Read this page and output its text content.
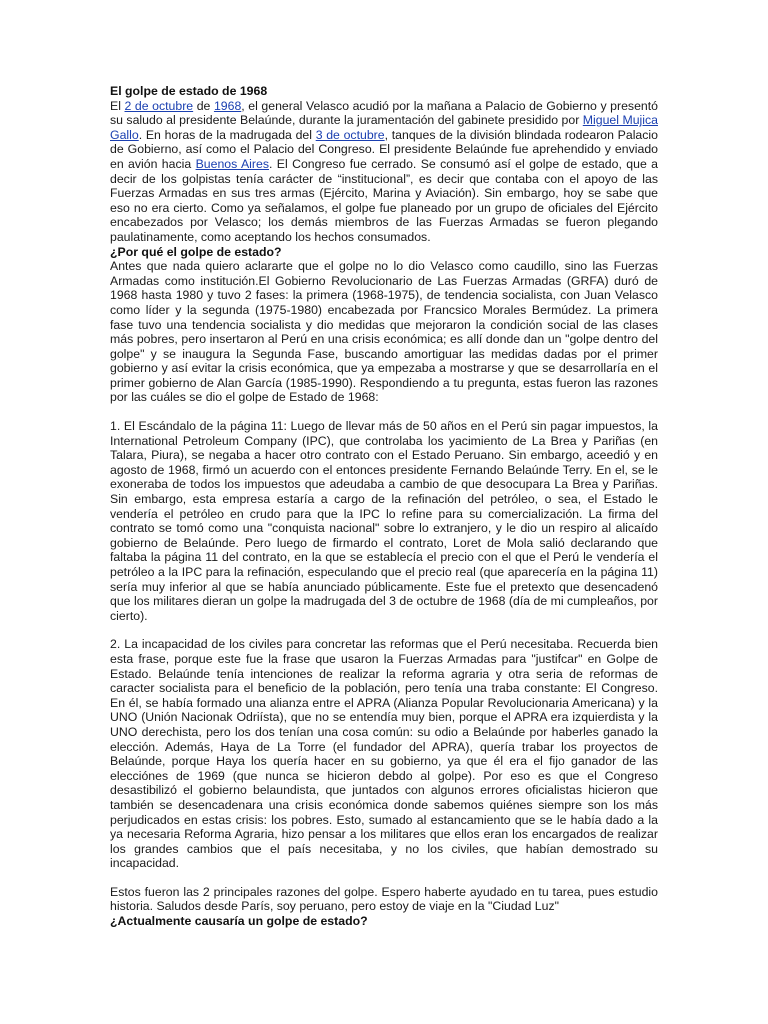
El golpe de estado de 1968

El 2 de octubre de 1968, el general Velasco acudió por la mañana a Palacio de Gobierno y presentó su saludo al presidente Belaúnde, durante la juramentación del gabinete presidido por Miguel Mujica Gallo. En horas de la madrugada del 3 de octubre, tanques de la división blindada rodearon Palacio de Gobierno, así como el Palacio del Congreso. El presidente Belaúnde fue aprehendido y enviado en avión hacia Buenos Aires. El Congreso fue cerrado. Se consumó así el golpe de estado, que a decir de los golpistas tenía carácter de “institucional”, es decir que contaba con el apoyo de las Fuerzas Armadas en sus tres armas (Ejército, Marina y Aviación). Sin embargo, hoy se sabe que eso no era cierto. Como ya señalamos, el golpe fue planeado por un grupo de oficiales del Ejército encabezados por Velasco; los demás miembros de las Fuerzas Armadas se fueron plegando paulatinamente, como aceptando los hechos consumados.

¿Por qué el golpe de estado?

Antes que nada quiero aclararte que el golpe no lo dio Velasco como caudillo, sino las Fuerzas Armadas como institución.El Gobierno Revolucionario de Las Fuerzas Armadas (GRFA) duró de 1968 hasta 1980 y tuvo 2 fases: la primera (1968-1975), de tendencia socialista, con Juan Velasco como líder y la segunda (1975-1980) encabezada por Francsico Morales Bermúdez. La primera fase tuvo una tendencia socialista y dio medidas que mejoraron la condición social de las clases más pobres, pero insertaron al Perú en una crisis económica; es allí donde dan un "golpe dentro del golpe" y se inaugura la Segunda Fase, buscando amortiguar las medidas dadas por el primer gobierno y así evitar la crisis económica, que ya empezaba a mostrarse y que se desarrollaría en el primer gobierno de Alan García (1985-1990). Respondiendo a tu pregunta, estas fueron las razones por las cuáles se dio el golpe de Estado de 1968:

1. El Escándalo de la página 11: Luego de llevar más de 50 años en el Perú sin pagar impuestos, la International Petroleum Company (IPC), que controlaba los yacimiento de La Brea y Pariñas (en Talara, Piura), se negaba a hacer otro contrato con el Estado Peruano. Sin embargo, aceedió y en agosto de 1968, firmó un acuerdo con el entonces presidente Fernando Belaúnde Terry. En el, se le exoneraba de todos los impuestos que adeudaba a cambio de que desocupara La Brea y Pariñas. Sin embargo, esta empresa estaría a cargo de la refinación del petróleo, o sea, el Estado le vendería el petróleo en crudo para que la IPC lo refine para su comercialización. La firma del contrato se tomó como una "conquista nacional" sobre lo extranjero, y le dio un respiro al alicaído gobierno de Belaúnde. Pero luego de firmardo el contrato, Loret de Mola salió declarando que faltaba la página 11 del contrato, en la que se establecía el precio con el que el Perú le vendería el petróleo a la IPC para la refinación, especulando que el precio real (que aparecería en la página 11) sería muy inferior al que se había anunciado públicamente. Este fue el pretexto que desencadenó que los militares dieran un golpe la madrugada del 3 de octubre de 1968 (día de mi cumpleaños, por cierto).

2. La incapacidad de los civiles para concretar las reformas que el Perú necesitaba. Recuerda bien esta frase, porque este fue la frase que usaron la Fuerzas Armadas para "justifcar" en Golpe de Estado. Belaúnde tenía intenciones de realizar la reforma agraria y otra seria de reformas de caracter socialista para el beneficio de la población, pero tenía una traba constante: El Congreso. En él, se había formado una alianza entre el APRA (Alianza Popular Revolucionaria Americana) y la UNO (Unión Nacionak Odriísta), que no se entendía muy bien, porque el APRA era izquierdista y la UNO derechista, pero los dos tenían una cosa común: su odio a Belaúnde por haberles ganado la elección. Además, Haya de La Torre (el fundador del APRA), quería trabar los proyectos de Belaúnde, porque Haya los quería hacer en su gobierno, ya que él era el fijo ganador de las elecciónes de 1969 (que nunca se hicieron debdo al golpe). Por eso es que el Congreso desastibilizó el gobierno belaundista, que juntados con algunos errores oficialistas hicieron que también se desencadenara una crisis económica donde sabemos quiénes siempre son los más perjudicados en estas crisis: los pobres. Esto, sumado al estancamiento que se le había dado a la ya necesaria Reforma Agraria, hizo pensar a los militares que ellos eran los encargados de realizar los grandes cambios que el país necesitaba, y no los civiles, que habían demostrado su incapacidad.

Estos fueron las 2 principales razones del golpe. Espero haberte ayudado en tu tarea, pues estudio historia. Saludos desde París, soy peruano, pero estoy de viaje en la "Ciudad Luz"

¿Actualmente causaría un golpe de estado?
